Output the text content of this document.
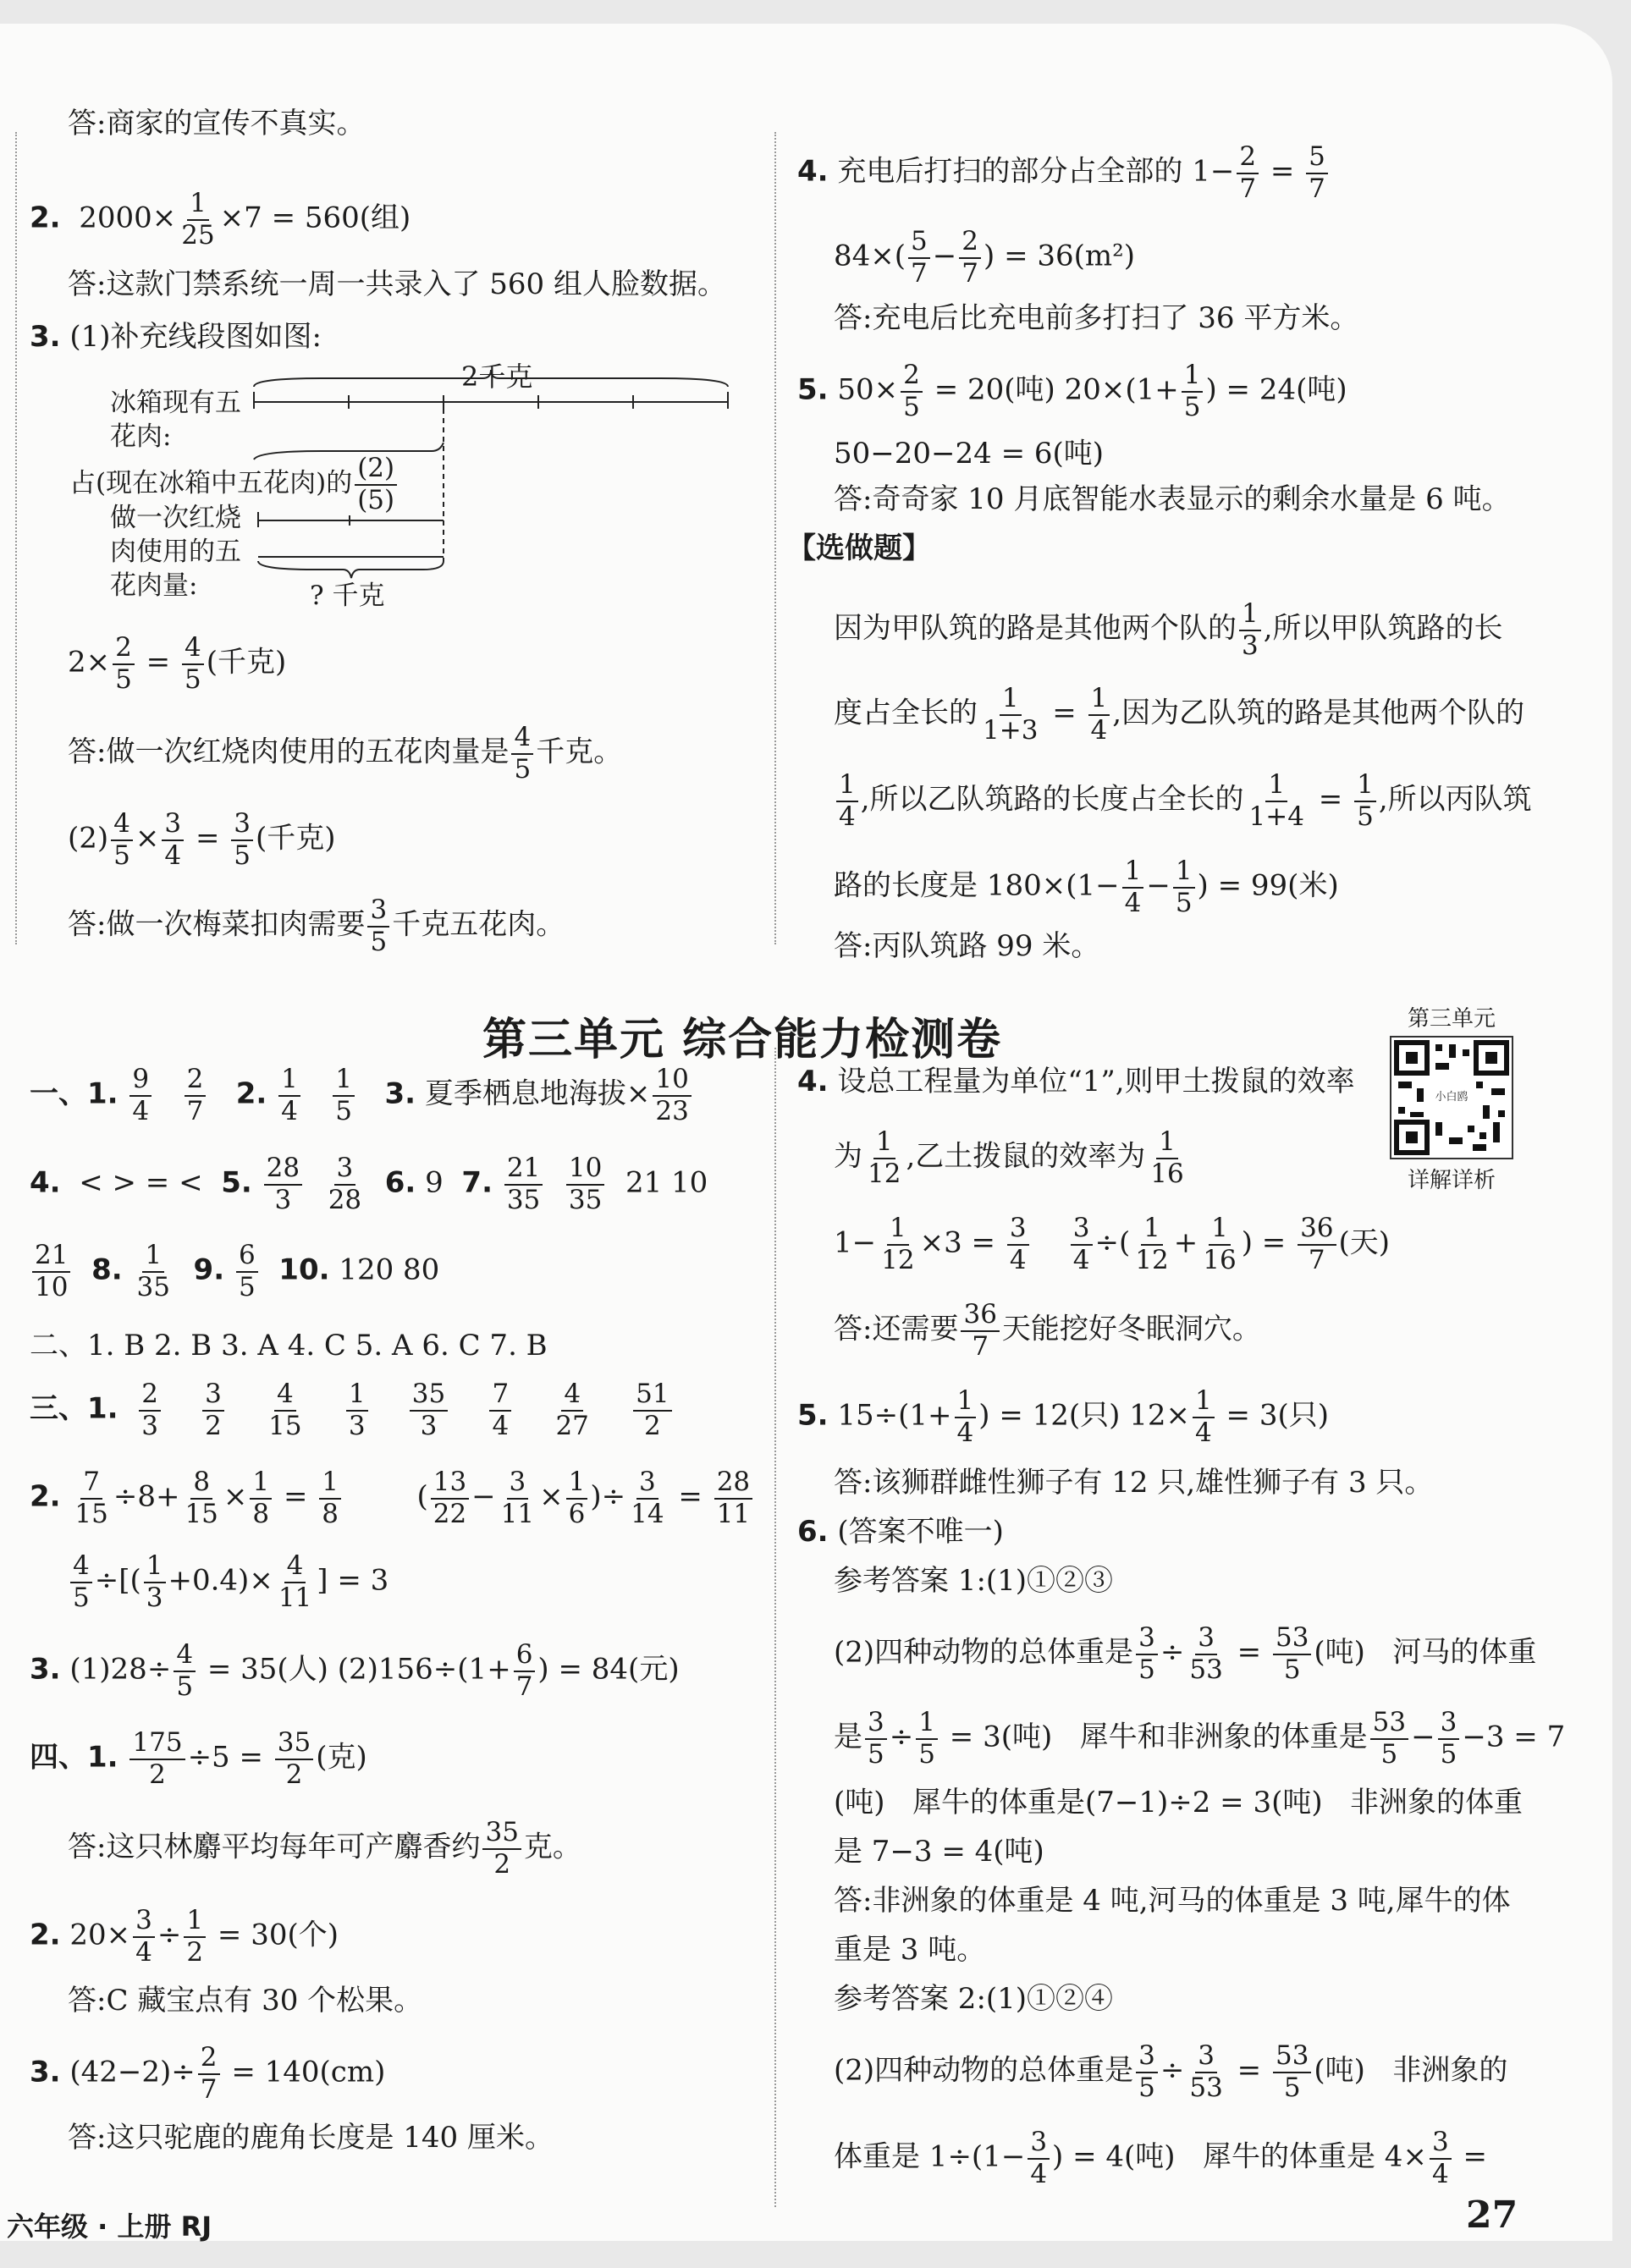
答:商家的宣传不真实。
2. $2000\times \frac{1}{25} \times 7 = 560$(组)
答:这款门禁系统一周一共录入了 560 组人脸数据。
3. (1)补充线段图如图:
2千克
冰箱现有五
花肉:
占(现在冰箱中五花肉)的 $\frac{(2)}{(5)}$
做一次红烧
肉使用的五
花肉量:	? 千克
$2\times \frac{2}{5} = \frac{4}{5}$ (千克)
答:做一次红烧肉使用的五花肉量是 $\frac{4}{5}$ 千克。
$(2) \frac{4}{5} \times \frac{3}{4} = \frac{3}{5}$ (千克)
答:做一次梅菜扣肉需要 $\frac{3}{5}$ 千克五花肉。
4. 充电后打扫的部分占全部的 $1- \frac{2}{7} = \frac{5}{7}$
$84\times( \frac{5}{7} - \frac{2}{7}$ ) = 36(m²)
答:充电后比充电前多打扫了 36 平方米。
5. $50\times \frac{2}{5} = 20$(吨) $20\times(1+ \frac{1}{5}$ ) = 24(吨)
50−20−24 = 6(吨)
答:奇奇家 10 月底智能水表显示的剩余水量是 6 吨。
【选做题】
因为甲队筑的路是其他两个队的 $\frac{1}{3}$ ,所以甲队筑路的长
度占全长的 $\frac{1}{1+3} = \frac{1}{4}$ ,因为乙队筑的路是其他两个队的
$\frac{1}{4}$ ,所以乙队筑路的长度占全长的 $\frac{1}{1+4} = \frac{1}{5}$ ,所以丙队筑
路的长度是 $180\times(1- \frac{1}{4} - \frac{1}{5}$ ) = 99(米)
答:丙队筑路 99 米。
第三单元 综合能力检测卷	第三单元
小白鸥
详解详析
一、1. $\frac{9}{4}$
$\frac{2}{7} 2$. $\frac{1}{4}$
$\frac{1}{5} 3$. 夏季栖息地海拔× $\frac{10}{23}$
4. < > = < 5. $\frac{28}{3}$
$\frac{3}{28} 6$. 9 7. $\frac{21}{35}$
$\frac{10}{35} 21$ 10
$\frac{21}{10} 8$. $\frac{1}{35} 9$. $\frac{6}{5} 10$. 120 80
二、1. B 2. B 3. A 4. C 5. A 6. C 7. B
三、1. $\frac{2}{3}$
$\frac{3}{2}$
$\frac{4}{15}$
$\frac{1}{3}$
$\frac{35}{3}$
$\frac{7}{4}$
$\frac{4}{27}$
$\frac{51}{2}$
2. $\frac{7}{15} \div 8+ \frac{8}{15} \times \frac{1}{8} = \frac{1}{8}$	( $\frac{13}{22} - \frac{3}{11} \times \frac{1}{6}$ )÷ $\frac{3}{14} = \frac{28}{11}$
$\frac{4}{5}$ ÷[( $\frac{1}{3} +0.4)\times \frac{4}{11}$ ] = 3
3. $(1)28\div \frac{4}{5} = 35$(人) $(2)156\div(1+ \frac{6}{7}$ ) = 84(元)
四、1. $\frac{175}{2} \div 5 = \frac{35}{2}$ (克)
答:这只林麝平均每年可产麝香约 $\frac{35}{2}$ 克。
2. $20\times \frac{3}{4} \div \frac{1}{2} = 30$(个)
答:C 藏宝点有 30 个松果。
3. $(42-2)\div \frac{2}{7} = 140(cm)$
答:这只驼鹿的鹿角长度是 140 厘米。
4. 设总工程量为单位“1”,则甲土拨鼠的效率
为 $\frac{1}{12}$ ,乙土拨鼠的效率为 $\frac{1}{16}$
$1- \frac{1}{12} \times 3 = \frac{3}{4}$
$\frac{3}{4}$ ÷( $\frac{1}{12} + \frac{1}{16}$ ) = $\frac{36}{7}$ (天)
答:还需要 $\frac{36}{7}$ 天能挖好冬眠洞穴。
5. $15\div(1+ \frac{1}{4}$ ) = 12(只) $12\times \frac{1}{4} = 3$(只)
答:该狮群雌性狮子有 12 只,雄性狮子有 3 只。
6. (答案不唯一)
参考答案 1:(1)①②③
(2)四种动物的总体重是 $\frac{3}{5} \div \frac{3}{53} = \frac{53}{5}$ (吨)   河马的体重
是 $\frac{3}{5} \div \frac{1}{5} = 3$(吨)   犀牛和非洲象的体重是 $\frac{53}{5} - \frac{3}{5} -3 = 7$
(吨)   犀牛的体重是(7−1)÷2 = 3(吨)   非洲象的体重
是 7−3 = 4(吨)
答:非洲象的体重是 4 吨,河马的体重是 3 吨,犀牛的体
重是 3 吨。
参考答案 2:(1)①②④
(2)四种动物的总体重是 $\frac{3}{5} \div \frac{3}{53} = \frac{53}{5}$ (吨)   非洲象的
体重是 $1\div(1- \frac{3}{4}$ ) = 4(吨)   犀牛的体重是 $4\times \frac{3}{4}$ =
六年级 · 上册 RJ	27
